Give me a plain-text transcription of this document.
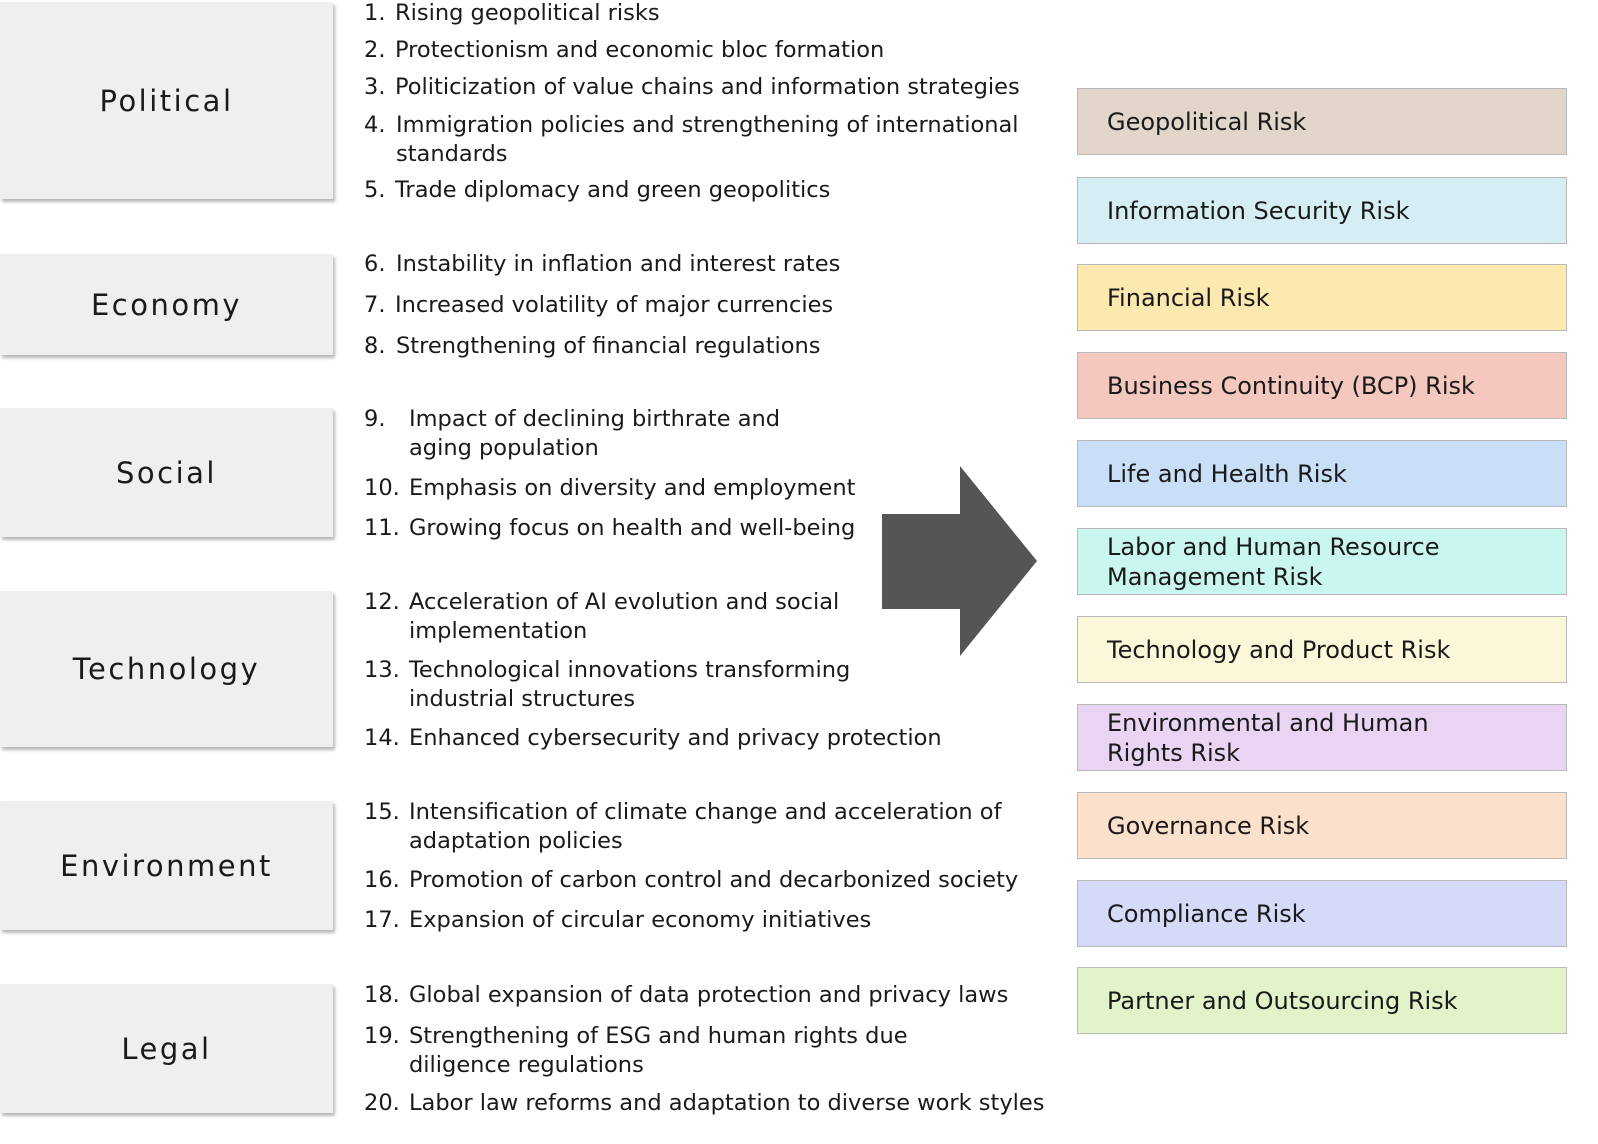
Political
Economy
Social
Technology
Environment
Legal
1. Rising geopolitical risks
2. Protectionism and economic bloc formation
3. Politicization of value chains and information strategies
4. Immigration policies and strengthening of international
standards
5. Trade diplomacy and green geopolitics
6. Instability in inflation and interest rates
7. Increased volatility of major currencies
8. Strengthening of financial regulations
9. Impact of declining birthrate and
aging population
10. Emphasis on diversity and employment
11. Growing focus on health and well-being
12. Acceleration of AI evolution and social
implementation
13. Technological innovations transforming
industrial structures
14. Enhanced cybersecurity and privacy protection
15. Intensification of climate change and acceleration of
adaptation policies
16. Promotion of carbon control and decarbonized society
17. Expansion of circular economy initiatives
18. Global expansion of data protection and privacy laws
19. Strengthening of ESG and human rights due
diligence regulations
20. Labor law reforms and adaptation to diverse work styles
Geopolitical Risk
Information Security Risk
Financial Risk
Business Continuity (BCP) Risk
Life and Health Risk
Labor and Human Resource
Management Risk
Technology and Product Risk
Environmental and Human
Rights Risk
Governance Risk
Compliance Risk
Partner and Outsourcing Risk
